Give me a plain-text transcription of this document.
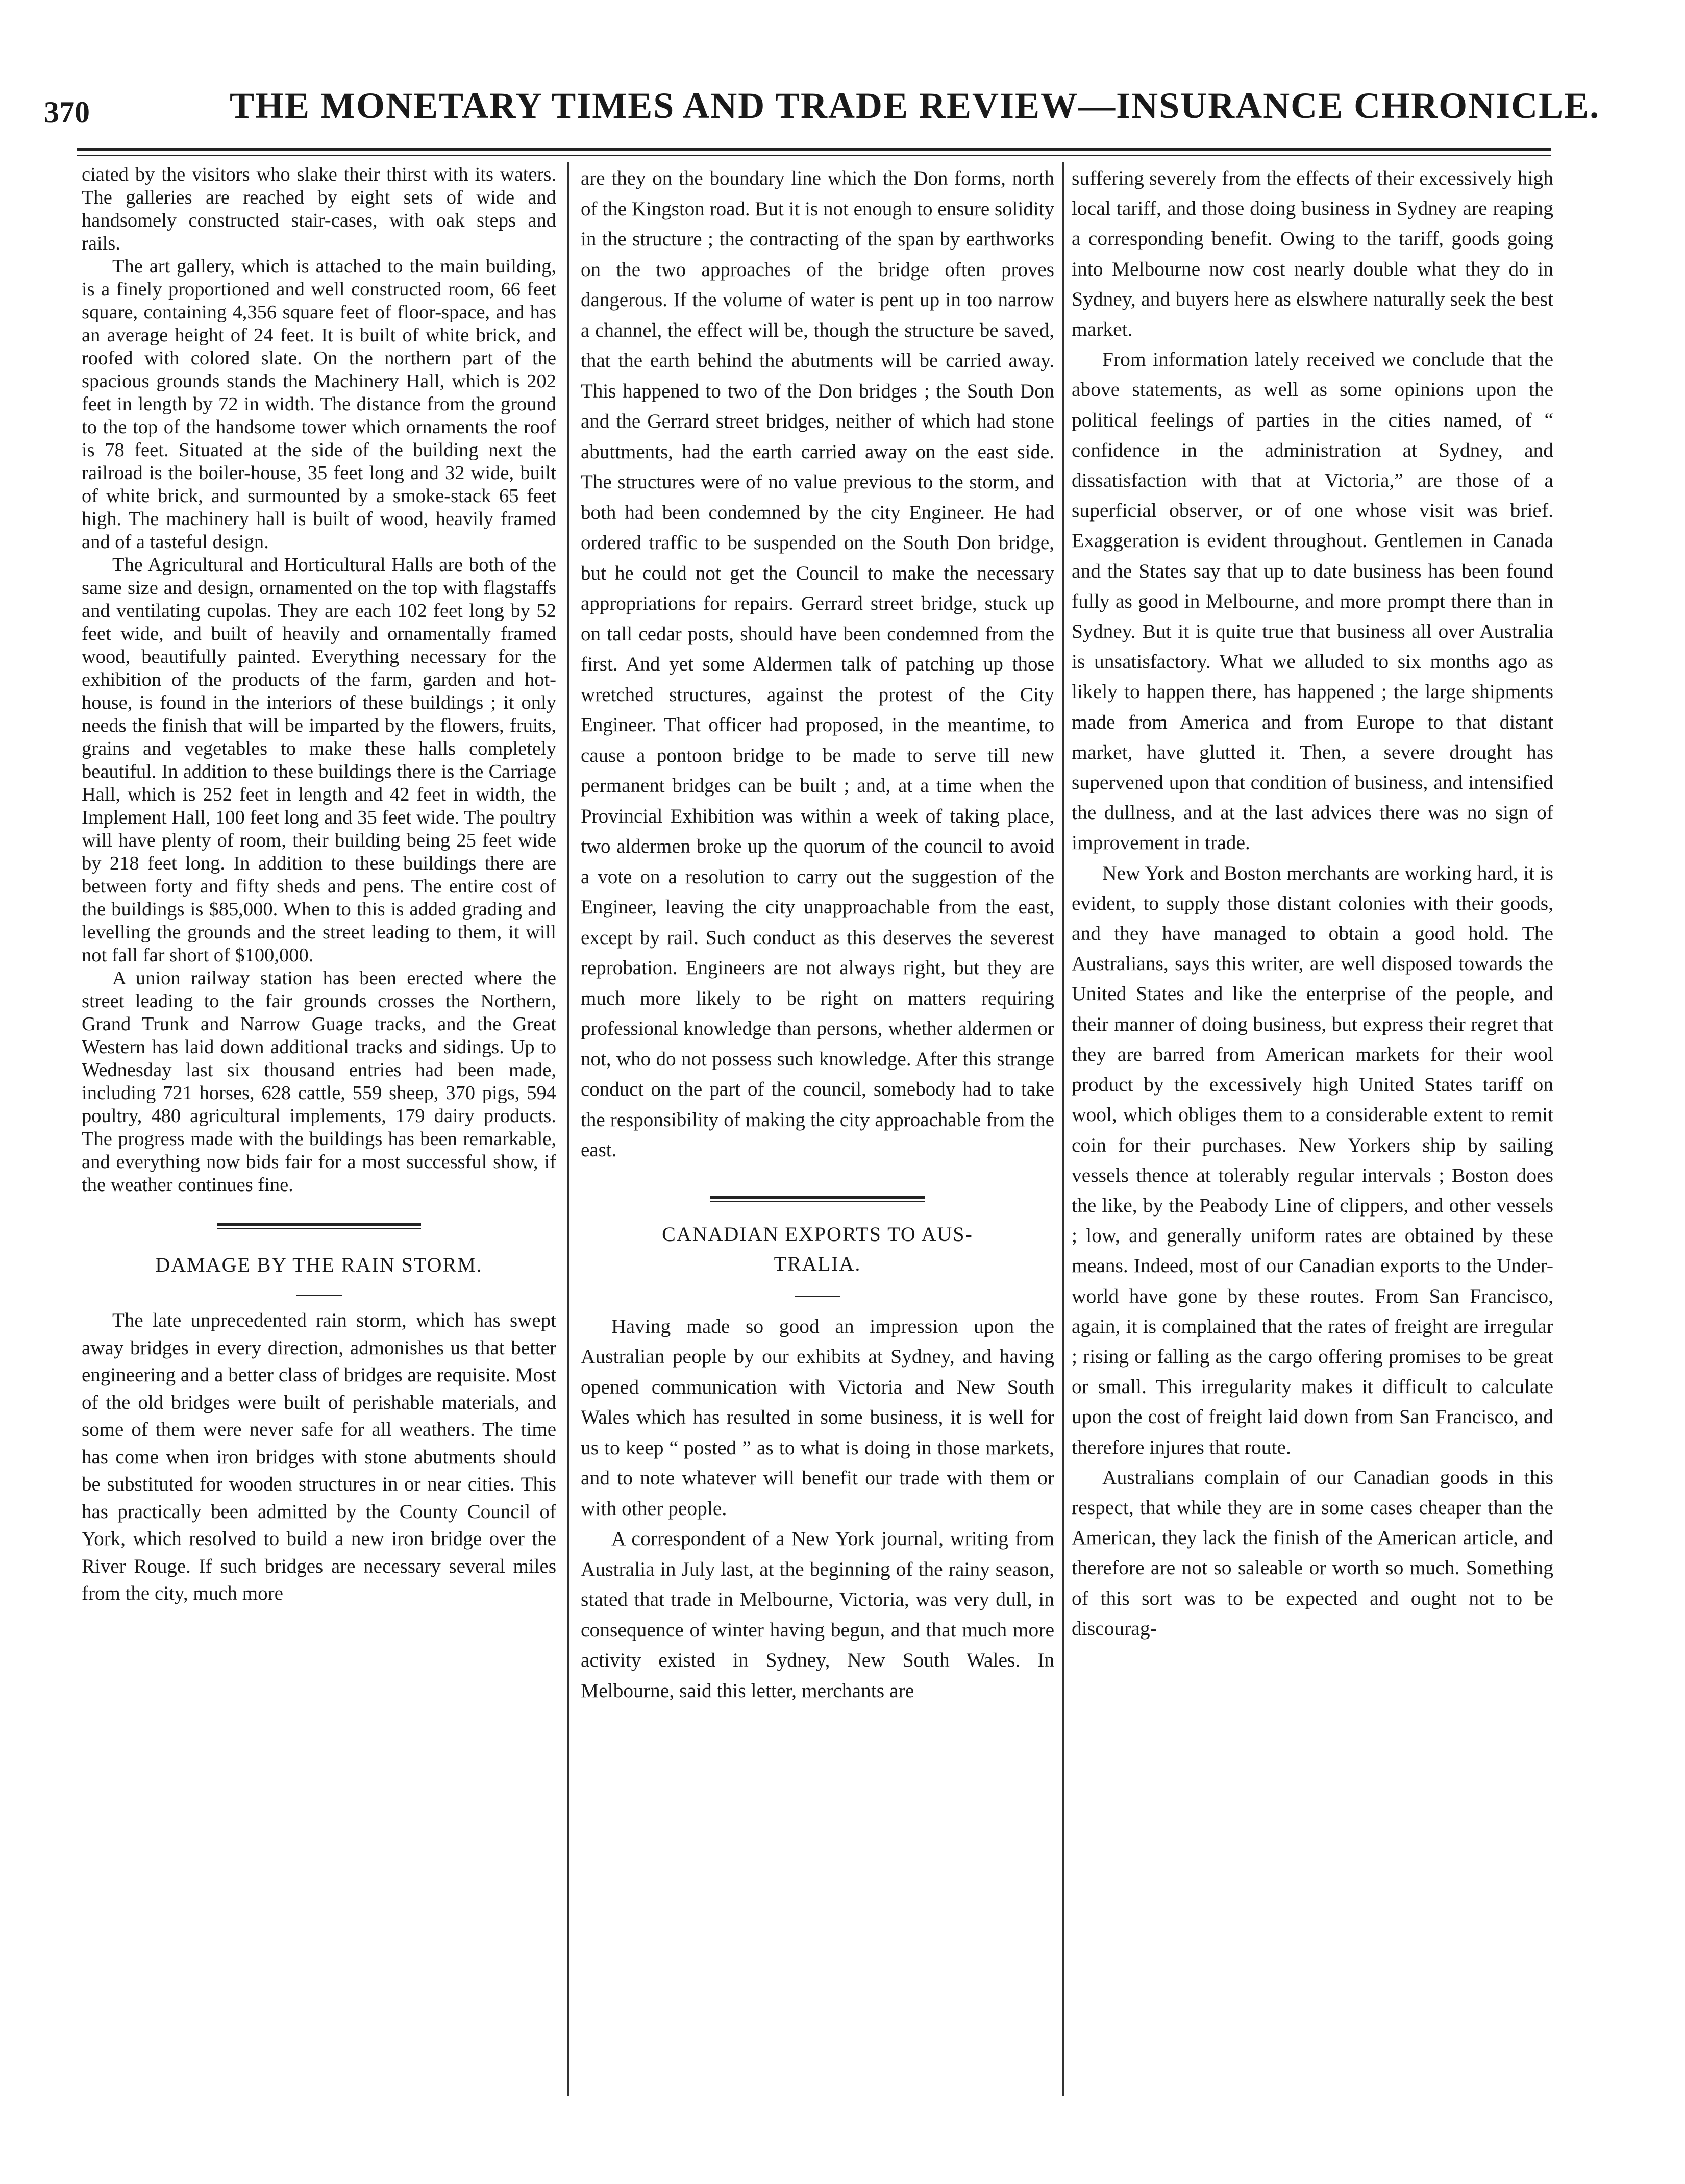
370	THE MONETARY TIMES AND TRADE REVIEW—INSURANCE CHRONICLE.

ciated by the visitors who slake their thirst with its waters. The galleries are reached by eight sets of wide and handsomely constructed stair-cases, with oak steps and rails.

The art gallery, which is attached to the main building, is a finely proportioned and well constructed room, 66 feet square, containing 4,356 square feet of floor-space, and has an average height of 24 feet. It is built of white brick, and roofed with colored slate. On the northern part of the spacious grounds stands the Machinery Hall, which is 202 feet in length by 72 in width. The distance from the ground to the top of the handsome tower which ornaments the roof is 78 feet. Situated at the side of the building next the railroad is the boiler-house, 35 feet long and 32 wide, built of white brick, and surmounted by a smoke-stack 65 feet high. The machinery hall is built of wood, heavily framed and of a tasteful design.

The Agricultural and Horticultural Halls are both of the same size and design, ornamented on the top with flagstaffs and ventilating cupolas. They are each 102 feet long by 52 feet wide, and built of heavily and ornamentally framed wood, beautifully painted. Everything necessary for the exhibition of the products of the farm, garden and hot-house, is found in the interiors of these buildings ; it only needs the finish that will be imparted by the flowers, fruits, grains and vegetables to make these halls completely beautiful. In addition to these buildings there is the Carriage Hall, which is 252 feet in length and 42 feet in width, the Implement Hall, 100 feet long and 35 feet wide. The poultry will have plenty of room, their building being 25 feet wide by 218 feet long. In addition to these buildings there are between forty and fifty sheds and pens. The entire cost of the buildings is $85,000. When to this is added grading and levelling the grounds and the street leading to them, it will not fall far short of $100,000.

A union railway station has been erected where the street leading to the fair grounds crosses the Northern, Grand Trunk and Narrow Guage tracks, and the Great Western has laid down additional tracks and sidings. Up to Wednesday last six thousand entries had been made, including 721 horses, 628 cattle, 559 sheep, 370 pigs, 594 poultry, 480 agricultural implements, 179 dairy products. The progress made with the buildings has been remarkable, and everything now bids fair for a most successful show, if the weather continues fine.

DAMAGE BY THE RAIN STORM.

The late unprecedented rain storm, which has swept away bridges in every direction, admonishes us that better engineering and a better class of bridges are requisite. Most of the old bridges were built of perishable materials, and some of them were never safe for all weathers. The time has come when iron bridges with stone abutments should be substituted for wooden structures in or near cities. This has practically been admitted by the County Council of York, which resolved to build a new iron bridge over the River Rouge. If such bridges are necessary several miles from the city, much more

are they on the boundary line which the Don forms, north of the Kingston road. But it is not enough to ensure solidity in the structure ; the contracting of the span by earthworks on the two approaches of the bridge often proves dangerous. If the volume of water is pent up in too narrow a channel, the effect will be, though the structure be saved, that the earth behind the abutments will be carried away. This happened to two of the Don bridges ; the South Don and the Gerrard street bridges, neither of which had stone abuttments, had the earth carried away on the east side. The structures were of no value previous to the storm, and both had been condemned by the city Engineer. He had ordered traffic to be suspended on the South Don bridge, but he could not get the Council to make the necessary appropriations for repairs. Gerrard street bridge, stuck up on tall cedar posts, should have been condemned from the first. And yet some Aldermen talk of patching up those wretched structures, against the protest of the City Engineer. That officer had proposed, in the meantime, to cause a pontoon bridge to be made to serve till new permanent bridges can be built ; and, at a time when the Provincial Exhibition was within a week of taking place, two aldermen broke up the quorum of the council to avoid a vote on a resolution to carry out the suggestion of the Engineer, leaving the city unapproachable from the east, except by rail. Such conduct as this deserves the severest reprobation. Engineers are not always right, but they are much more likely to be right on matters requiring professional knowledge than persons, whether aldermen or not, who do not possess such knowledge. After this strange conduct on the part of the council, somebody had to take the responsibility of making the city approachable from the east.

CANADIAN EXPORTS TO AUS-
TRALIA.

Having made so good an impression upon the Australian people by our exhibits at Sydney, and having opened communication with Victoria and New South Wales which has resulted in some business, it is well for us to keep “ posted ” as to what is doing in those markets, and to note whatever will benefit our trade with them or with other people.

A correspondent of a New York journal, writing from Australia in July last, at the beginning of the rainy season, stated that trade in Melbourne, Victoria, was very dull, in consequence of winter having begun, and that much more activity existed in Sydney, New South Wales. In Melbourne, said this letter, merchants are

suffering severely from the effects of their excessively high local tariff, and those doing business in Sydney are reaping a corresponding benefit. Owing to the tariff, goods going into Melbourne now cost nearly double what they do in Sydney, and buyers here as elswhere naturally seek the best market.

From information lately received we conclude that the above statements, as well as some opinions upon the political feelings of parties in the cities named, of “ confidence in the administration at Sydney, and dissatisfaction with that at Victoria,” are those of a superficial observer, or of one whose visit was brief. Exaggeration is evident throughout. Gentlemen in Canada and the States say that up to date business has been found fully as good in Melbourne, and more prompt there than in Sydney. But it is quite true that business all over Australia is unsatisfactory. What we alluded to six months ago as likely to happen there, has happened ; the large shipments made from America and from Europe to that distant market, have glutted it. Then, a severe drought has supervened upon that condition of business, and intensified the dullness, and at the last advices there was no sign of improvement in trade.

New York and Boston merchants are working hard, it is evident, to supply those distant colonies with their goods, and they have managed to obtain a good hold. The Australians, says this writer, are well disposed towards the United States and like the enterprise of the people, and their manner of doing business, but express their regret that they are barred from American markets for their wool product by the excessively high United States tariff on wool, which obliges them to a considerable extent to remit coin for their purchases. New Yorkers ship by sailing vessels thence at tolerably regular intervals ; Boston does the like, by the Peabody Line of clippers, and other vessels ; low, and generally uniform rates are obtained by these means. Indeed, most of our Canadian exports to the Under-world have gone by these routes. From San Francisco, again, it is complained that the rates of freight are irregular ; rising or falling as the cargo offering promises to be great or small. This irregularity makes it difficult to calculate upon the cost of freight laid down from San Francisco, and therefore injures that route.

Australians complain of our Canadian goods in this respect, that while they are in some cases cheaper than the American, they lack the finish of the American article, and therefore are not so saleable or worth so much. Something of this sort was to be expected and ought not to be discourag-
